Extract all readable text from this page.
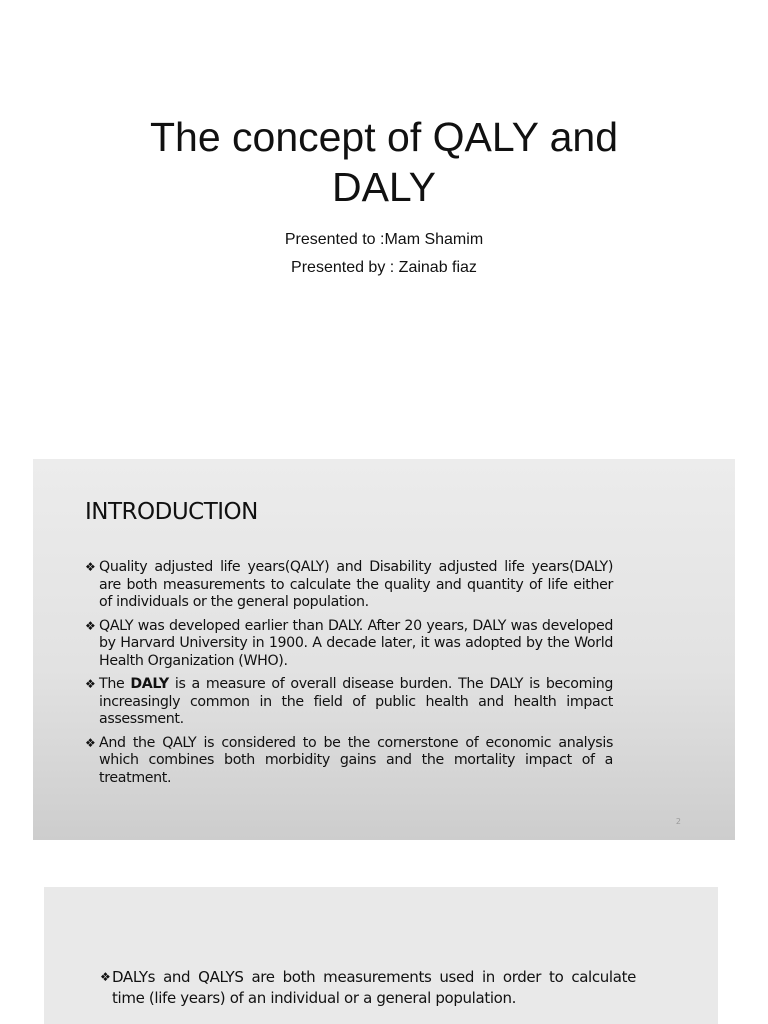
The concept of QALY and DALY
Presented to :Mam Shamim
Presented by : Zainab fiaz
INTRODUCTION
❖ Quality adjusted life years(QALY) and Disability adjusted life years(DALY) are both measurements to calculate the quality and quantity of life either of individuals or the general population.
❖ QALY was developed earlier than DALY. After 20 years, DALY was developed by Harvard University in 1900. A decade later, it was adopted by the World Health Organization (WHO).
❖ The DALY is a measure of overall disease burden. The DALY is becoming increasingly common in the field of public health and health impact assessment.
❖ And the QALY is considered to be the cornerstone of economic analysis which combines both morbidity gains and the mortality impact of a treatment.
2
❖ DALYs and QALYS are both measurements used in order to calculate time (life years) of an individual or a general population.
